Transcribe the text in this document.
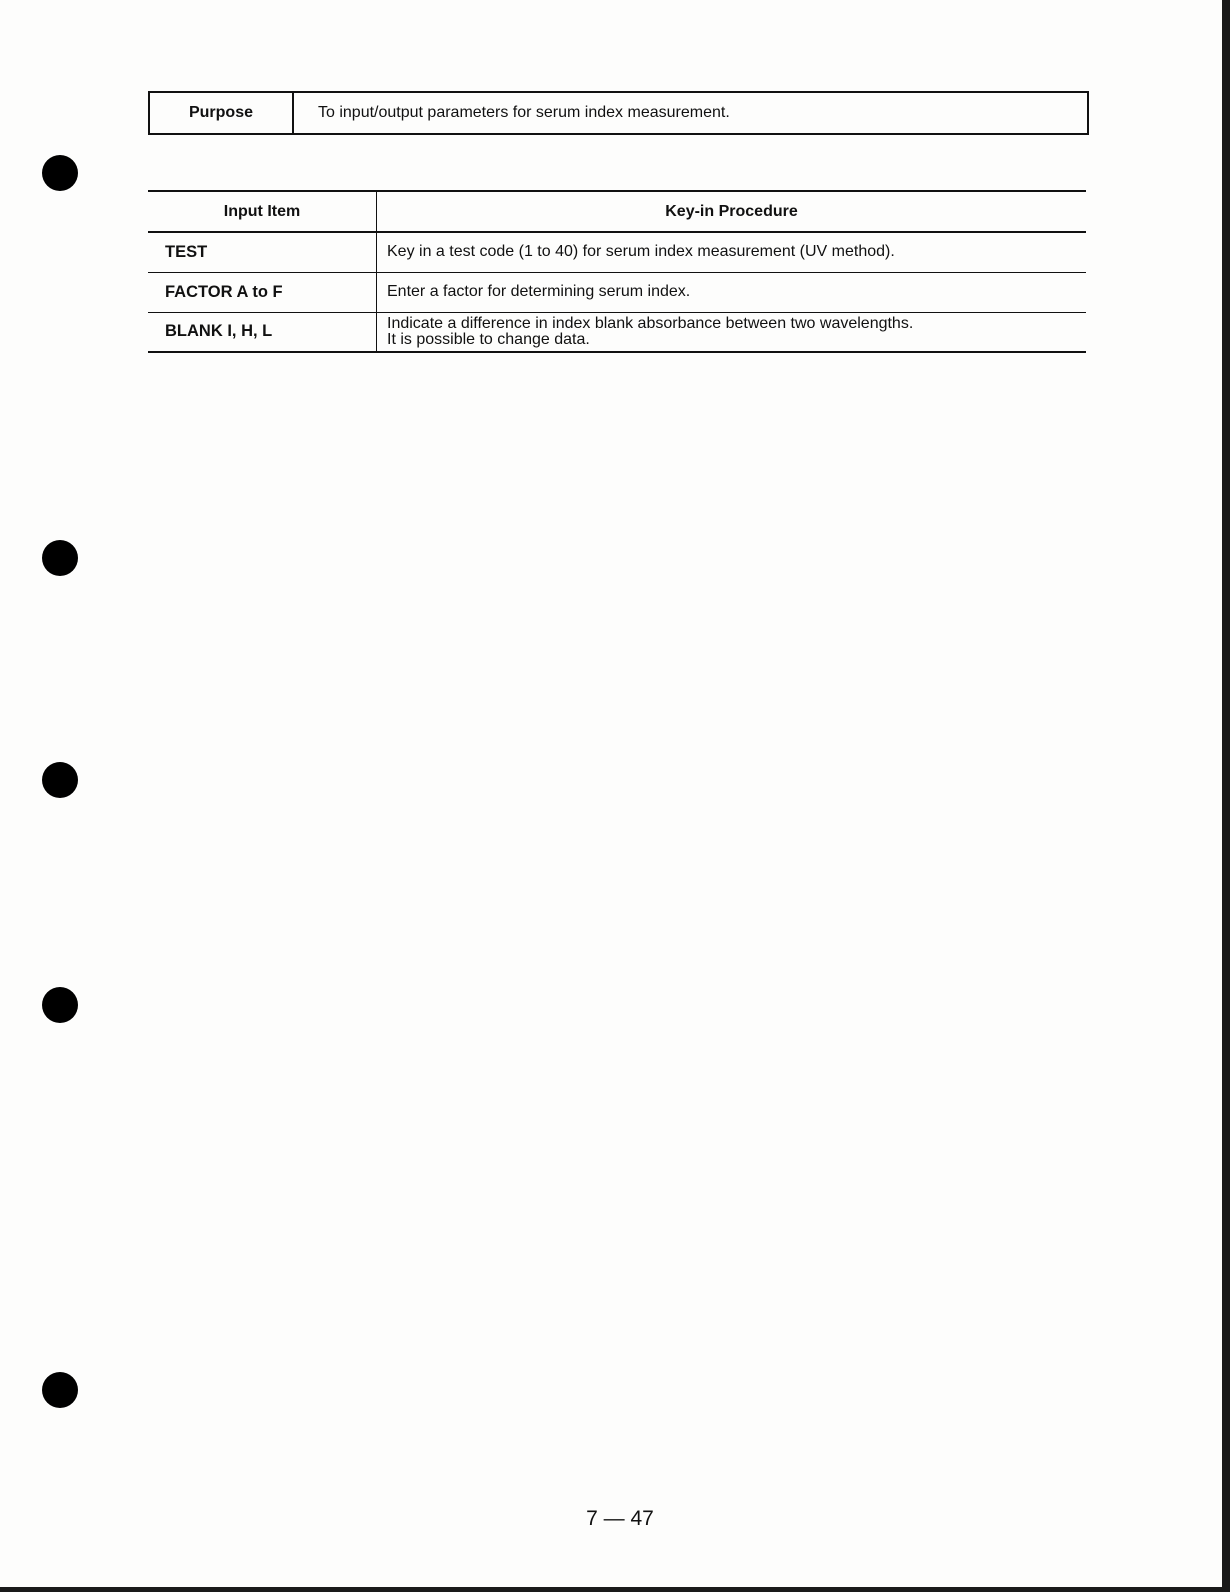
Purpose	To input/output parameters for serum index measurement.
Input Item	Key-in Procedure
TEST	Key in a test code (1 to 40) for serum index measurement (UV method).

FACTOR A to F	Enter a factor for determining serum index.

BLANK I, H, L	Indicate a difference in index blank absorbance between two wavelengths.
It is possible to change data.
7 — 47
